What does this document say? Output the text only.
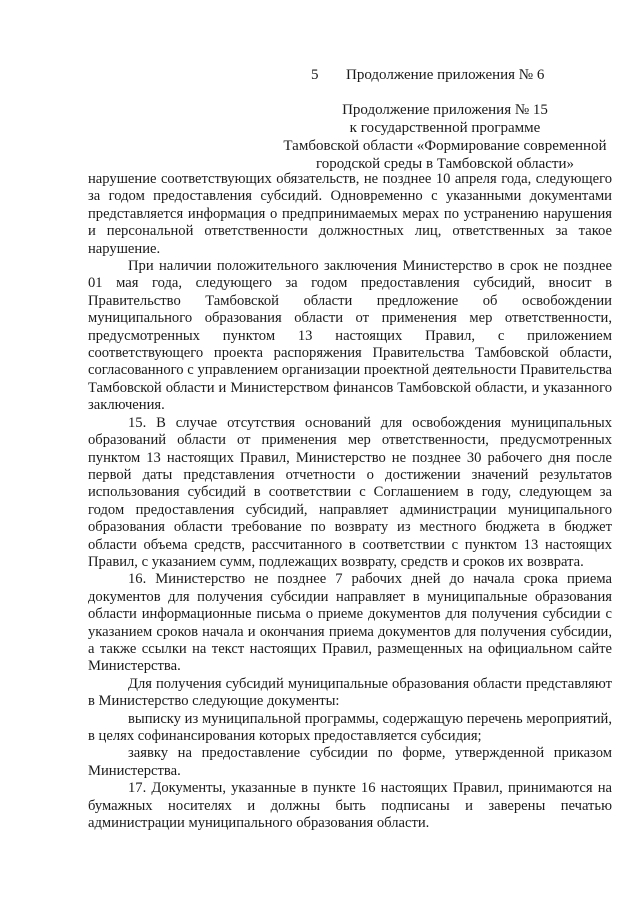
5 Продолжение приложения № 6
Продолжение приложения № 15
к государственной программе
Тамбовской области «Формирование современной
городской среды в Тамбовской области»

нарушение соответствующих обязательств, не позднее 10 апреля года, следующего за годом предоставления субсидий. Одновременно с указанными документами представляется информация о предпринимаемых мерах по устранению нарушения и персональной ответственности должностных лиц, ответственных за такое нарушение.

При наличии положительного заключения Министерство в срок не позднее 01 мая года, следующего за годом предоставления субсидий, вносит в Правительство Тамбовской области предложение об освобождении муниципального образования области от применения мер ответственности, предусмотренных пунктом 13 настоящих Правил, с приложением соответствующего проекта распоряжения Правительства Тамбовской области, согласованного с управлением организации проектной деятельности Правительства Тамбовской области и Министерством финансов Тамбовской области, и указанного заключения.

15. В случае отсутствия оснований для освобождения муниципальных образований области от применения мер ответственности, предусмотренных пунктом 13 настоящих Правил, Министерство не позднее 30 рабочего дня после первой даты представления отчетности о достижении значений результатов использования субсидий в соответствии с Соглашением в году, следующем за годом предоставления субсидий, направляет администрации муниципального образования области требование по возврату из местного бюджета в бюджет области объема средств, рассчитанного в соответствии с пунктом 13 настоящих Правил, с указанием сумм, подлежащих возврату, средств и сроков их возврата.

16. Министерство не позднее 7 рабочих дней до начала срока приема документов для получения субсидии направляет в муниципальные образования области информационные письма о приеме документов для получения субсидии с указанием сроков начала и окончания приема документов для получения субсидии, а также ссылки на текст настоящих Правил, размещенных на официальном сайте Министерства.

Для получения субсидий муниципальные образования области представляют в Министерство следующие документы:

выписку из муниципальной программы, содержащую перечень мероприятий, в целях софинансирования которых предоставляется субсидия;

заявку на предоставление субсидии по форме, утвержденной приказом Министерства.

17. Документы, указанные в пункте 16 настоящих Правил, принимаются на бумажных носителях и должны быть подписаны и заверены печатью администрации муниципального образования области.
